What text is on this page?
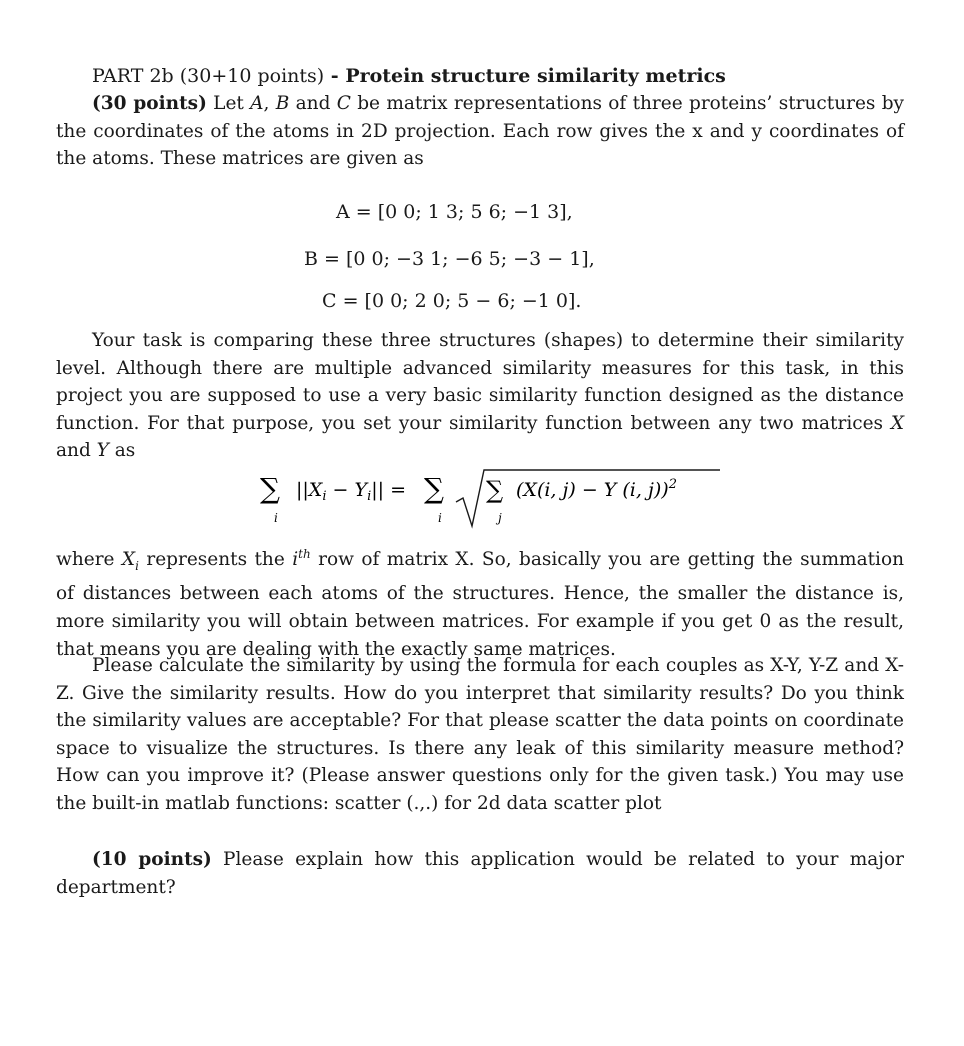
PART 2b (30+10 points) - Protein structure similarity metrics

(30 points) Let A, B and C be matrix representations of three proteins’ structures by the coordinates of the atoms in 2D projection. Each row gives the x and y coordinates of the atoms. These matrices are given as

A = [0 0; 1 3; 5 6; −1 3],
B = [0 0; −3 1; −6 5; −3 − 1],
C = [0 0; 2 0; 5 − 6; −1 0].

Your task is comparing these three structures (shapes) to determine their similarity level. Although there are multiple advanced similarity measures for this task, in this project you are supposed to use a very basic similarity function designed as the distance function. For that purpose, you set your similarity function between any two matrices X and Y as

∑
i
$||X_i - Y_i||$ = ∑
i
∑
j
(X(i, j) − Y (i, j))$^2$

where $X_i$ represents the $i^{th}$ row of matrix X. So, basically you are getting the summation of distances between each atoms of the structures. Hence, the smaller the distance is, more similarity you will obtain between matrices. For example if you get 0 as the result, that means you are dealing with the exactly same matrices.

Please calculate the similarity by using the formula for each couples as X-Y, Y-Z and X-Z. Give the similarity results. How do you interpret that similarity results? Do you think the similarity values are acceptable? For that please scatter the data points on coordinate space to visualize the structures. Is there any leak of this similarity measure method? How can you improve it? (Please answer questions only for the given task.) You may use the built-in matlab functions: scatter (.,.) for 2d data scatter plot

(10 points) Please explain how this application would be related to your major department?
